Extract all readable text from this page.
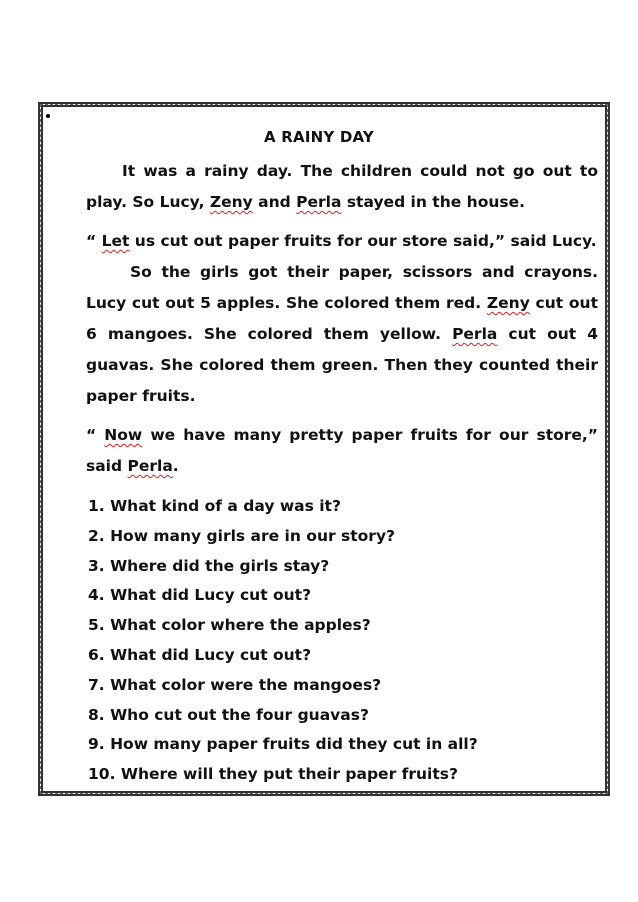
A RAINY DAY

It was a rainy day. The children could not go out to
play. So Lucy, Zeny and Perla stayed in the house.

“ Let us cut out paper fruits for our store said,” said Lucy.
So the girls got their paper, scissors and crayons.
Lucy cut out 5 apples. She colored them red. Zeny cut out
6 mangoes. She colored them yellow. Perla cut out 4
guavas. She colored them green. Then they counted their
paper fruits.

“ Now we have many pretty paper fruits for our store,”
said Perla.

1. What kind of a day was it?
2. How many girls are in our story?
3. Where did the girls stay?
4. What did Lucy cut out?
5. What color where the apples?
6. What did Lucy cut out?
7. What color were the mangoes?
8. Who cut out the four guavas?
9. How many paper fruits did they cut in all?
10. Where will they put their paper fruits?
